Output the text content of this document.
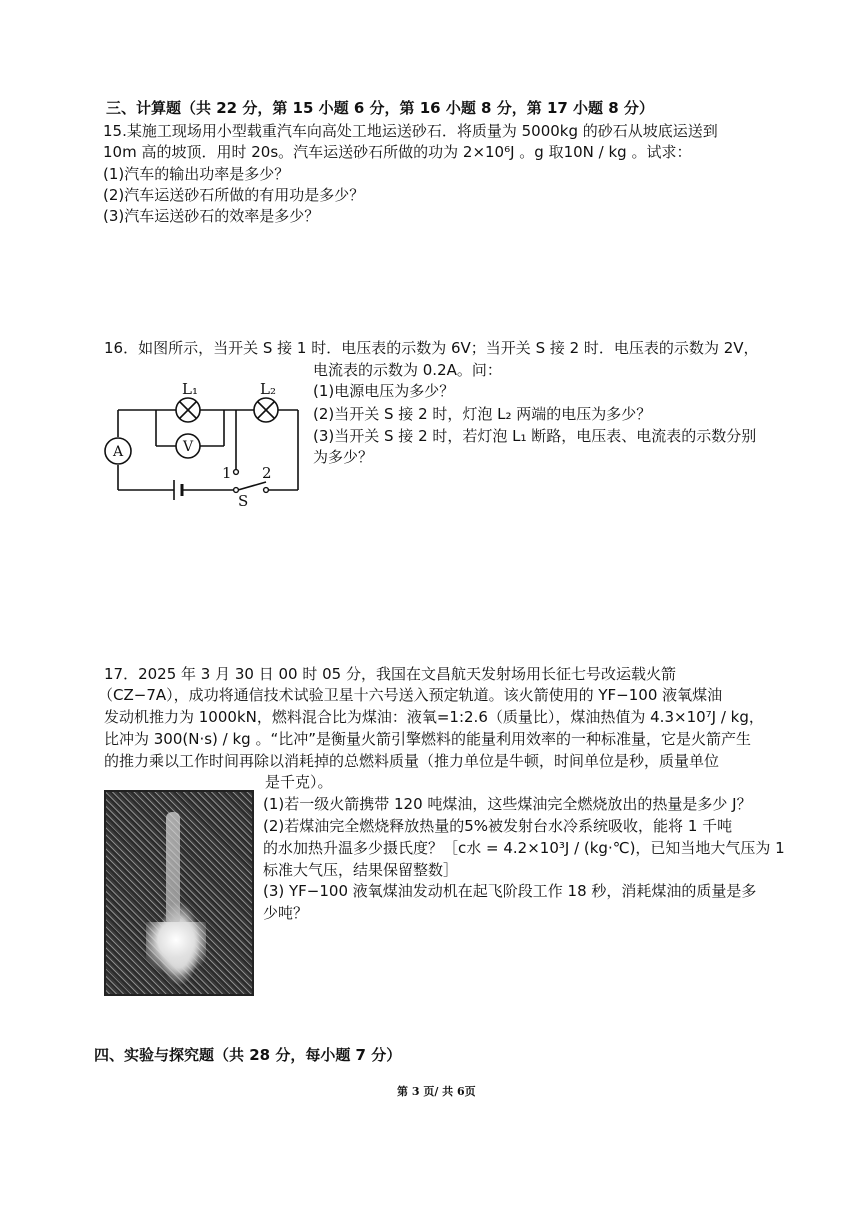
三、计算题（共 22 分，第 15 小题 6 分，第 16 小题 8 分，第 17 小题 8 分）
15.某施工现场用小型载重汽车向高处工地运送砂石．将质量为 5000kg 的砂石从坡底运送到
10m 高的坡顶．用时 20s。汽车运送砂石所做的功为 2×10⁶J 。g 取10N / kg 。试求：
(1)汽车的输出功率是多少？
(2)汽车运送砂石所做的有用功是多少？
(3)汽车运送砂石的效率是多少？
16．如图所示，当开关 S 接 1 时．电压表的示数为 6V；当开关 S 接 2 时．电压表的示数为 2V，
电流表的示数为 0.2A。问：
(1)电源电压为多少？
(2)当开关 S 接 2 时，灯泡 L₂ 两端的电压为多少？
(3)当开关 S 接 2 时，若灯泡 L₁ 断路，电压表、电流表的示数分别
为多少？
A	V
L₁	L₂
1 2
S
17．2025 年 3 月 30 日 00 时 05 分，我国在文昌航天发射场用长征七号改运载火箭
（CZ−7A），成功将通信技术试验卫星十六号送入预定轨道。该火箭使用的 YF−100 液氧煤油
发动机推力为 1000kN，燃料混合比为煤油：液氧=1:2.6（质量比），煤油热值为 4.3×10⁷J / kg，
比冲为 300(N·s) / kg 。“比冲”是衡量火箭引擎燃料的能量利用效率的一种标准量，它是火箭产生
的推力乘以工作时间再除以消耗掉的总燃料质量（推力单位是牛顿，时间单位是秒，质量单位
是千克）。
(1)若一级火箭携带 120 吨煤油，这些煤油完全燃烧放出的热量是多少 J？
(2)若煤油完全燃烧释放热量的5%被发射台水冷系统吸收，能将 1 千吨
的水加热升温多少摄氏度？［c水 = 4.2×10³J / (kg·℃)，已知当地大气压为 1
标准大气压，结果保留整数］
(3) YF−100 液氧煤油发动机在起飞阶段工作 18 秒，消耗煤油的质量是多
少吨？
四、实验与探究题（共 28 分，每小题 7 分）
第 3 页/ 共 6页
